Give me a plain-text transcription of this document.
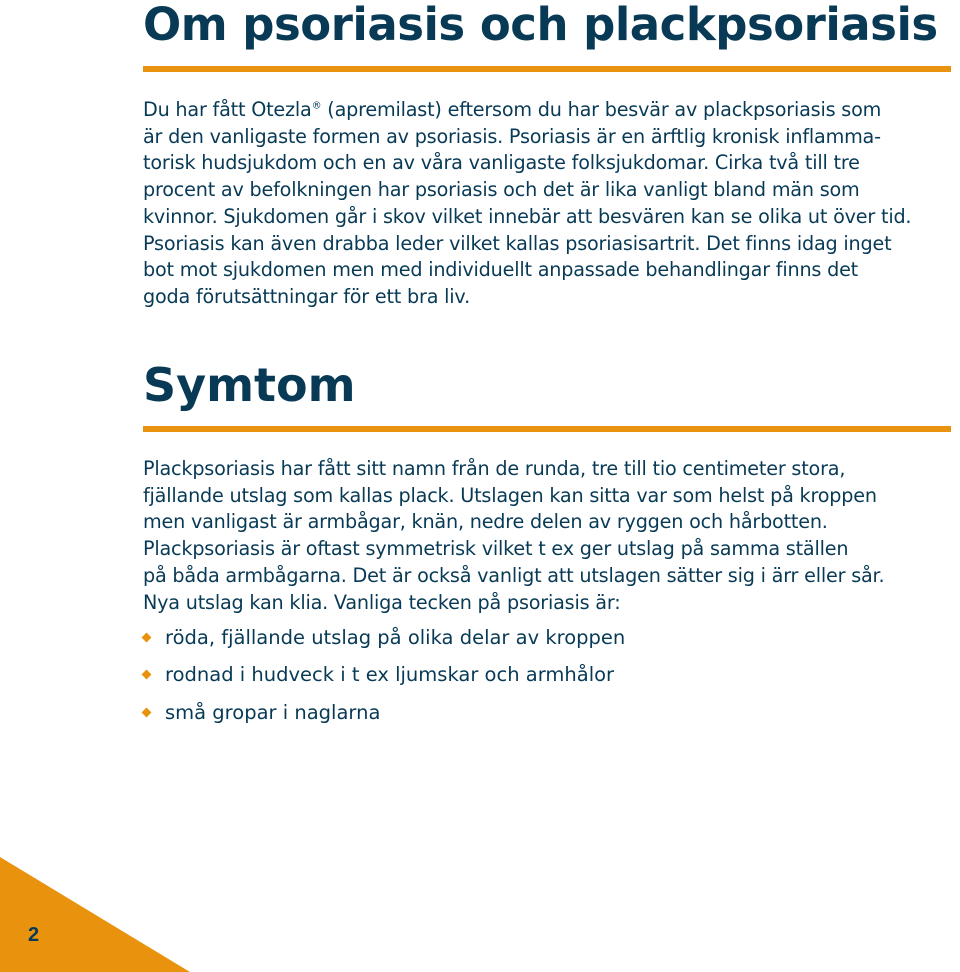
Om psoriasis och plackpsoriasis
Du har fått Otezla® (apremilast) eftersom du har besvär av plackpsoriasis som
är den vanligaste formen av psoriasis. Psoriasis är en ärftlig kronisk inflamma-
torisk hudsjukdom och en av våra vanligaste folksjukdomar. Cirka två till tre
procent av befolkningen har psoriasis och det är lika vanligt bland män som
kvinnor. Sjukdomen går i skov vilket innebär att besvären kan se olika ut över tid.
Psoriasis kan även drabba leder vilket kallas psoriasisartrit. Det finns idag inget
bot mot sjukdomen men med individuellt anpassade behandlingar finns det
goda förutsättningar för ett bra liv.
Symtom
Plackpsoriasis har fått sitt namn från de runda, tre till tio centimeter stora,
fjällande utslag som kallas plack. Utslagen kan sitta var som helst på kroppen
men vanligast är armbågar, knän, nedre delen av ryggen och hårbotten.
Plackpsoriasis är oftast symmetrisk vilket t ex ger utslag på samma ställen
på båda armbågarna. Det är också vanligt att utslagen sätter sig i ärr eller sår.
Nya utslag kan klia. Vanliga tecken på psoriasis är:
röda, fjällande utslag på olika delar av kroppen
rodnad i hudveck i t ex ljumskar och armhålor
små gropar i naglarna
2
